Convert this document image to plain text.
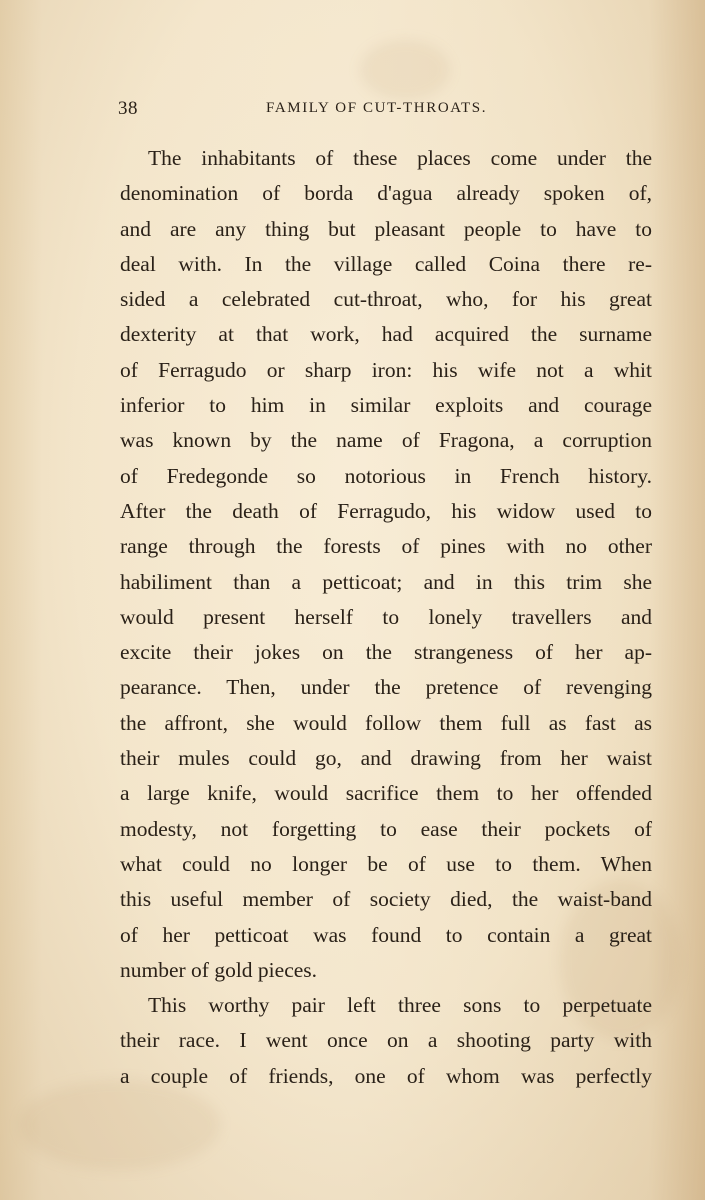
38	FAMILY OF CUT-THROATS.
The inhabitants of these places come under the
denomination of borda d'agua already spoken of,
and are any thing but pleasant people to have to
deal with. In the village called Coina there re-
sided a celebrated cut-throat, who, for his great
dexterity at that work, had acquired the surname
of Ferragudo or sharp iron: his wife not a whit
inferior to him in similar exploits and courage
was known by the name of Fragona, a corruption
of Fredegonde so notorious in French history.
After the death of Ferragudo, his widow used to
range through the forests of pines with no other
habiliment than a petticoat; and in this trim she
would present herself to lonely travellers and
excite their jokes on the strangeness of her ap-
pearance. Then, under the pretence of revenging
the affront, she would follow them full as fast as
their mules could go, and drawing from her waist
a large knife, would sacrifice them to her offended
modesty, not forgetting to ease their pockets of
what could no longer be of use to them. When
this useful member of society died, the waist-band
of her petticoat was found to contain a great
number of gold pieces.
This worthy pair left three sons to perpetuate
their race. I went once on a shooting party with
a couple of friends, one of whom was perfectly
